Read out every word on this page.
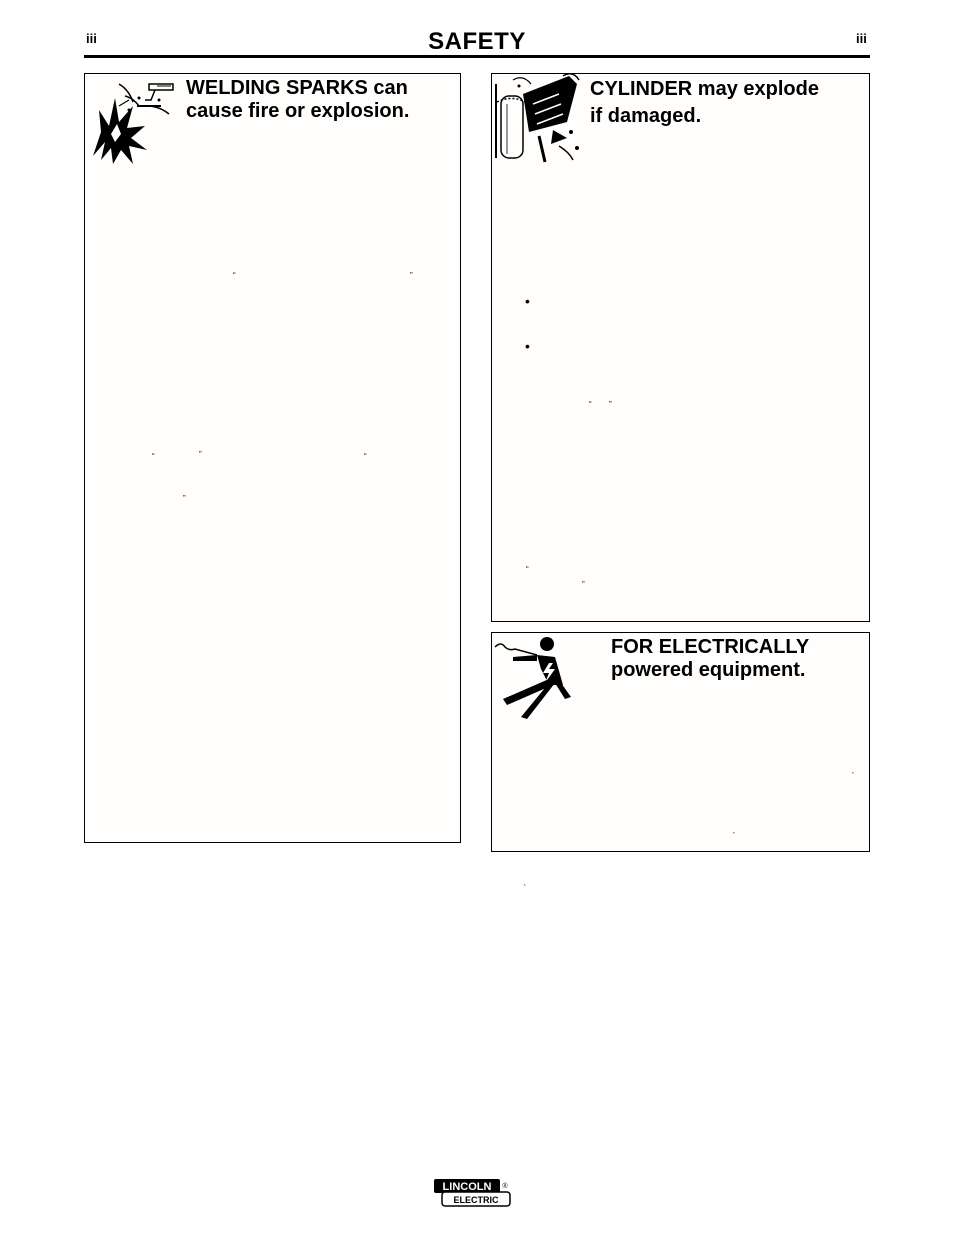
iii	SAFETY	iii
WELDING SPARKS can
cause fire or explosion.
“	”
“	”	“
”
CYLINDER may explode
if damaged.
•
•
“ ”
“
”
FOR ELECTRICALLY
powered equipment.
’
’
‘
LINCOLN
ELECTRIC
®
